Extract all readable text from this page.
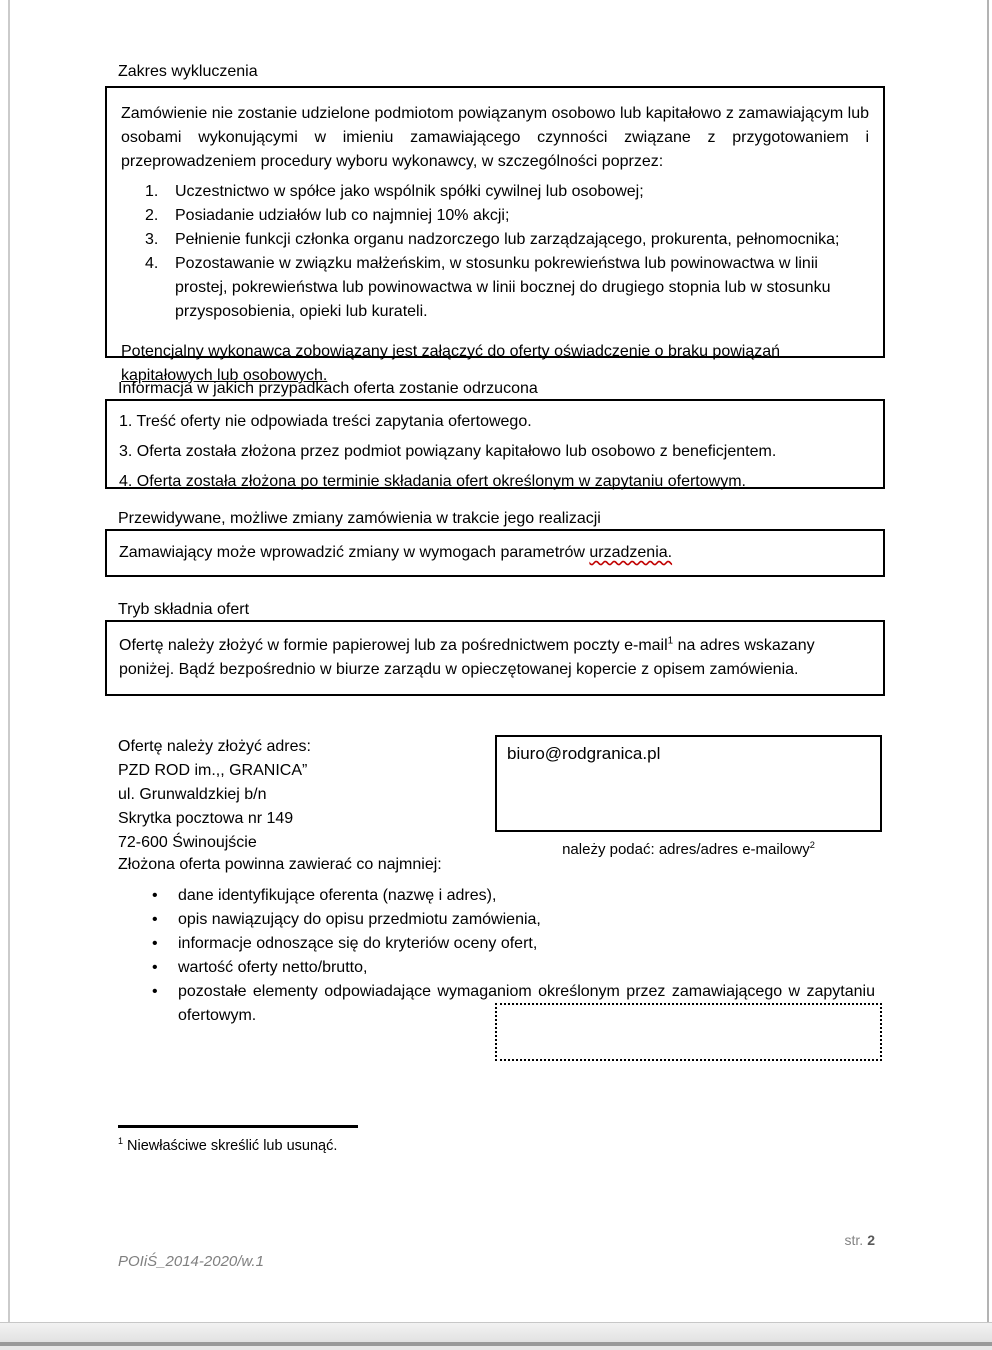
Zakres wykluczenia
Zamówienie nie zostanie udzielone podmiotom powiązanym osobowo lub kapitałowo z zamawiającym lub osobami wykonującymi w imieniu zamawiającego czynności związane z przygotowaniem i przeprowadzeniem procedury wyboru wykonawcy, w szczególności poprzez:
1.	Uczestnictwo w spółce jako wspólnik spółki cywilnej lub osobowej;
2.	Posiadanie udziałów lub co najmniej 10% akcji;
3.	Pełnienie funkcji członka organu nadzorczego lub zarządzającego, prokurenta, pełnomocnika;
4.	Pozostawanie w związku małżeńskim, w stosunku pokrewieństwa lub powinowactwa w linii prostej, pokrewieństwa lub powinowactwa w linii bocznej do drugiego stopnia lub w stosunku przysposobienia, opieki lub kurateli.
Potencjalny wykonawca zobowiązany jest załączyć do oferty oświadczenie o braku powiązań kapitałowych lub osobowych.
Informacja w jakich przypadkach oferta zostanie odrzucona
1. Treść oferty nie odpowiada treści zapytania ofertowego.
3. Oferta została złożona przez podmiot powiązany kapitałowo lub osobowo z beneficjentem.
4. Oferta została złożona po terminie składania ofert określonym w zapytaniu ofertowym.
Przewidywane, możliwe zmiany zamówienia w trakcie jego realizacji
Zamawiający może wprowadzić zmiany w wymogach parametrów urzadzenia.
Tryb składnia ofert
Ofertę należy złożyć w formie papierowej lub za pośrednictwem poczty e-mail$^1$ na adres wskazany poniżej. Bądź bezpośrednio w biurze zarządu w opieczętowanej kopercie z opisem zamówienia.
Ofertę należy złożyć adres:
PZD ROD im.,, GRANICA”
ul. Grunwaldzkiej b/n
Skrytka pocztowa nr 149
72-600 Świnoujście
biuro@rodgranica.pl
należy podać: adres/adres e-mailowy$^2$
Złożona oferta powinna zawierać co najmniej:
•	dane identyfikujące oferenta (nazwę i adres),
•	opis nawiązujący do opisu przedmiotu zamówienia,
•	informacje odnoszące się do kryteriów oceny ofert,
•	wartość oferty netto/brutto,
•	pozostałe elementy odpowiadające wymaganiom określonym przez zamawiającego w zapytaniu ofertowym.
$^1$ Niewłaściwe skreślić lub usunąć.
str. 2
POIiŚ_2014-2020/w.1
